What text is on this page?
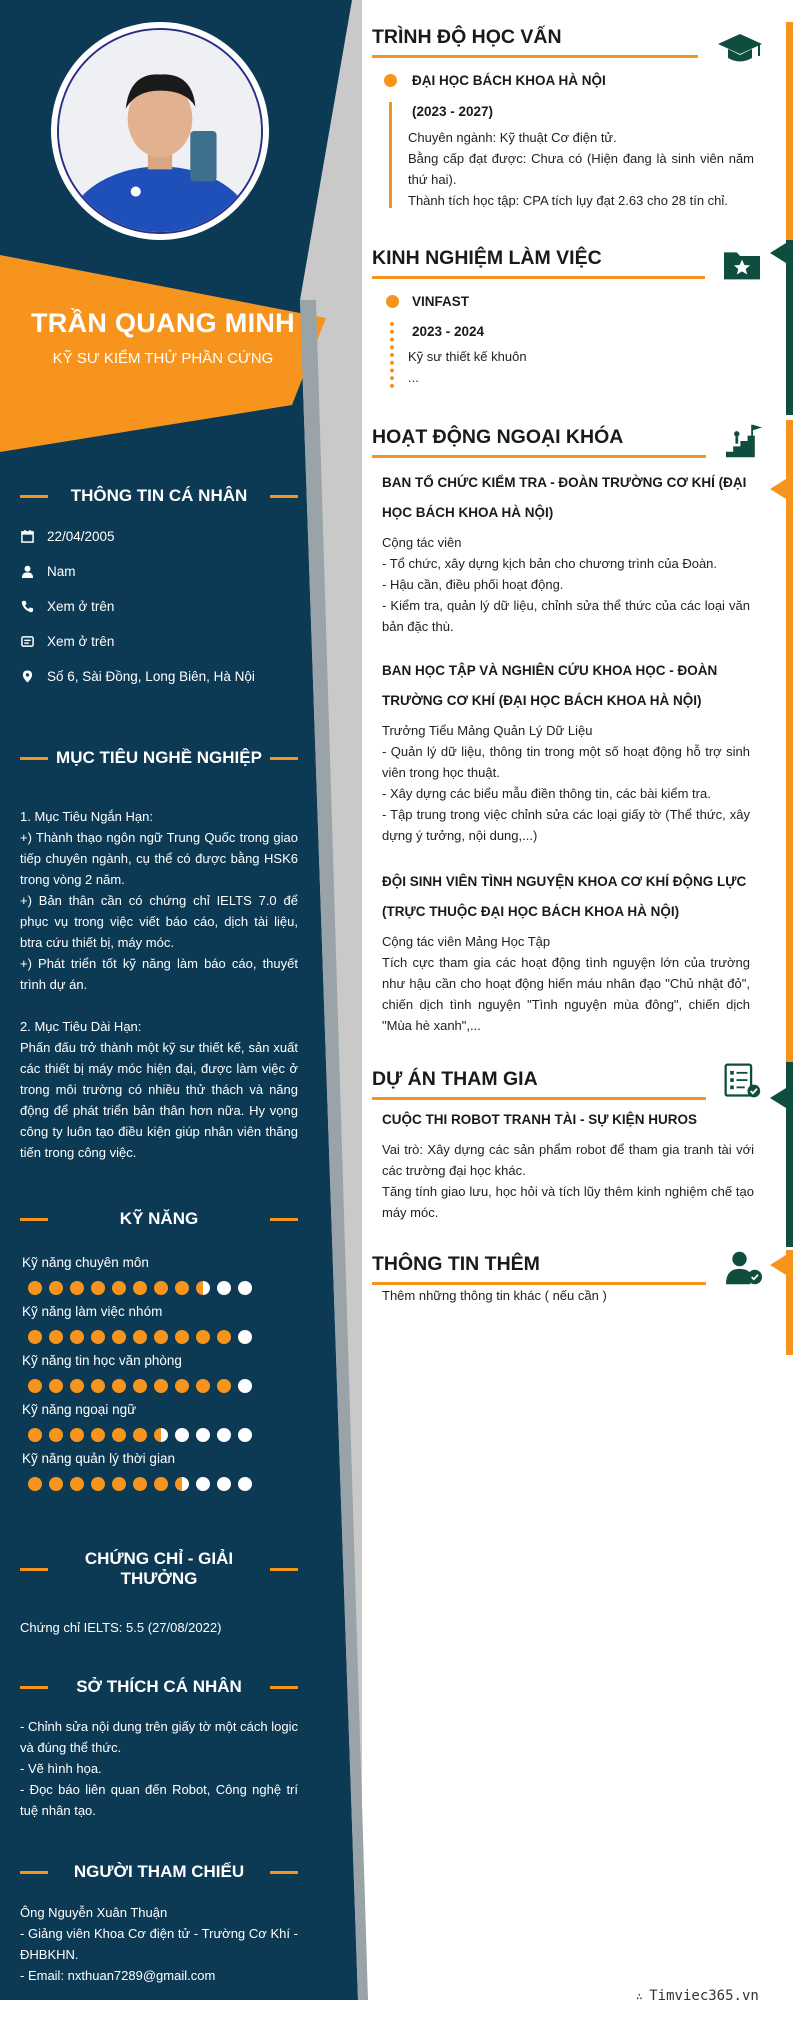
TRẦN QUANG MINH
KỸ SƯ KIỂM THỬ PHẦN CỨNG
THÔNG TIN CÁ NHÂN
22/04/2005
Nam
Xem ở trên
Xem ở trên
Số 6, Sài Đồng, Long Biên, Hà Nội
MỤC TIÊU NGHỀ NGHIỆP

1. Mục Tiêu Ngắn Hạn:

+) Thành thạo ngôn ngữ Trung Quốc trong giao tiếp chuyên ngành, cụ thể có được bằng HSK6 trong vòng 2 năm.

+) Bản thân cần có chứng chỉ IELTS 7.0 để phục vụ trong việc viết báo cáo, dịch tài liệu, btra cứu thiết bị, máy móc.

+) Phát triển tốt kỹ năng làm báo cáo, thuyết trình dự án.

2. Mục Tiêu Dài Hạn:

Phấn đấu trở thành một kỹ sư thiết kế, sản xuất các thiết bị máy móc hiện đại, được làm việc ở trong môi trường có nhiều thử thách và năng động để phát triển bản thân hơn nữa. Hy vọng công ty luôn tạo điều kiện giúp nhân viên thăng tiến trong công việc.

KỸ NĂNG
Kỹ năng chuyên môn
Kỹ năng làm việc nhóm
Kỹ năng tin học văn phòng
Kỹ năng ngoại ngữ
Kỹ năng quản lý thời gian
CHỨNG CHỈ - GIẢI THƯỞNG
Chứng chỉ IELTS: 5.5 (27/08/2022)
SỞ THÍCH CÁ NHÂN

- Chỉnh sửa nội dung trên giấy tờ một cách logic và đúng thể thức.

- Vẽ hình họa.

- Đọc báo liên quan đến Robot, Công nghệ trí tuệ nhân tạo.

NGƯỜI THAM CHIẾU

Ông Nguyễn Xuân Thuận

- Giảng viên Khoa Cơ điện tử - Trường Cơ Khí - ĐHBKHN.

- Email: nxthuan7289@gmail.com

TRÌNH ĐỘ HỌC VẤN
ĐẠI HỌC BÁCH KHOA HÀ NỘI
(2023 - 2027)

Chuyên ngành: Kỹ thuật Cơ điện tử.

Bằng cấp đạt được: Chưa có (Hiện đang là sinh viên năm thứ hai).

Thành tích học tập: CPA tích lụy đạt 2.63 cho 28 tín chỉ.

KINH NGHIỆM LÀM VIỆC
VINFAST
2023 - 2024

Kỹ sư thiết kế khuôn

...

HOẠT ĐỘNG NGOẠI KHÓA
BAN TỔ CHỨC KIỂM TRA - ĐOÀN TRƯỜNG CƠ KHÍ (ĐẠI HỌC BÁCH KHOA HÀ NỘI)

Cộng tác viên

- Tổ chức, xây dựng kịch bản cho chương trình của Đoàn.

- Hậu cần, điều phối hoạt động.

- Kiểm tra, quản lý dữ liệu, chỉnh sửa thể thức của các loại văn bản đặc thù.

BAN HỌC TẬP VÀ NGHIÊN CỨU KHOA HỌC - ĐOÀN TRƯỜNG CƠ KHÍ (ĐẠI HỌC BÁCH KHOA HÀ NỘI)

Trưởng Tiểu Mảng Quản Lý Dữ Liệu

- Quản lý dữ liệu, thông tin trong một số hoạt động hỗ trợ sinh viên trong học thuật.

- Xây dựng các biểu mẫu điền thông tin, các bài kiểm tra.

- Tập trung trong việc chỉnh sửa các loại giấy tờ (Thể thức, xây dựng ý tưởng, nội dung,...)

ĐỘI SINH VIÊN TÌNH NGUYỆN KHOA CƠ KHÍ ĐỘNG LỰC (TRỰC THUỘC ĐẠI HỌC BÁCH KHOA HÀ NỘI)

Cộng tác viên Mảng Học Tập

Tích cực tham gia các hoạt động tình nguyện lớn của trường như hậu cần cho hoạt động hiến máu nhân đạo "Chủ nhật đỏ", chiến dịch tình nguyện "Tình nguyện mùa đông", chiến dịch "Mùa hè xanh",...

DỰ ÁN THAM GIA
CUỘC THI ROBOT TRANH TÀI - SỰ KIỆN HUROS

Vai trò: Xây dựng các sản phẩm robot để tham gia tranh tài với các trường đại học khác.

Tăng tính giao lưu, học hỏi và tích lũy thêm kinh nghiệm chế tạo máy móc.

THÔNG TIN THÊM
Thêm những thông tin khác ( nếu cần )
∴ Timviec365.vn
